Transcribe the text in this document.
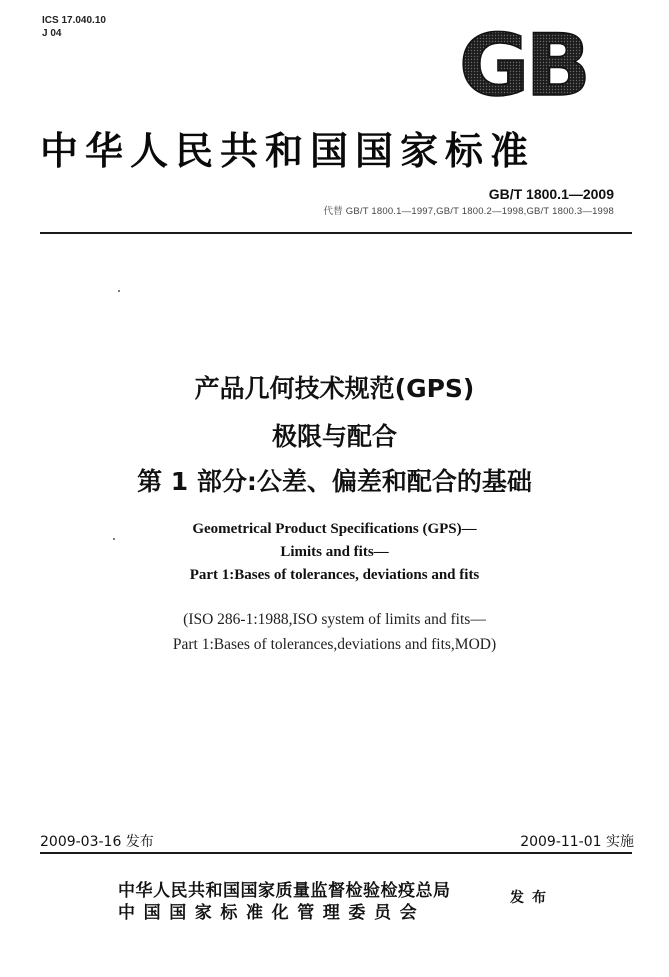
ICS 17.040.10
J 04	GB
中华人民共和国国家标准
GB/T 1800.1—2009
代替 GB/T 1800.1—1997,GB/T 1800.2—1998,GB/T 1800.3—1998
产品几何技术规范(GPS)
极限与配合
第 1 部分:公差、偏差和配合的基础
Geometrical Product Specifications (GPS)—
Limits and fits—
Part 1:Bases of tolerances, deviations and fits
(ISO 286-1:1988,ISO system of limits and fits—
Part 1:Bases of tolerances,deviations and fits,MOD)
2009-03-16 发布	2009-11-01 实施
中华人民共和国国家质量监督检验检疫总局
中国国家标准化管理委员会
发布
